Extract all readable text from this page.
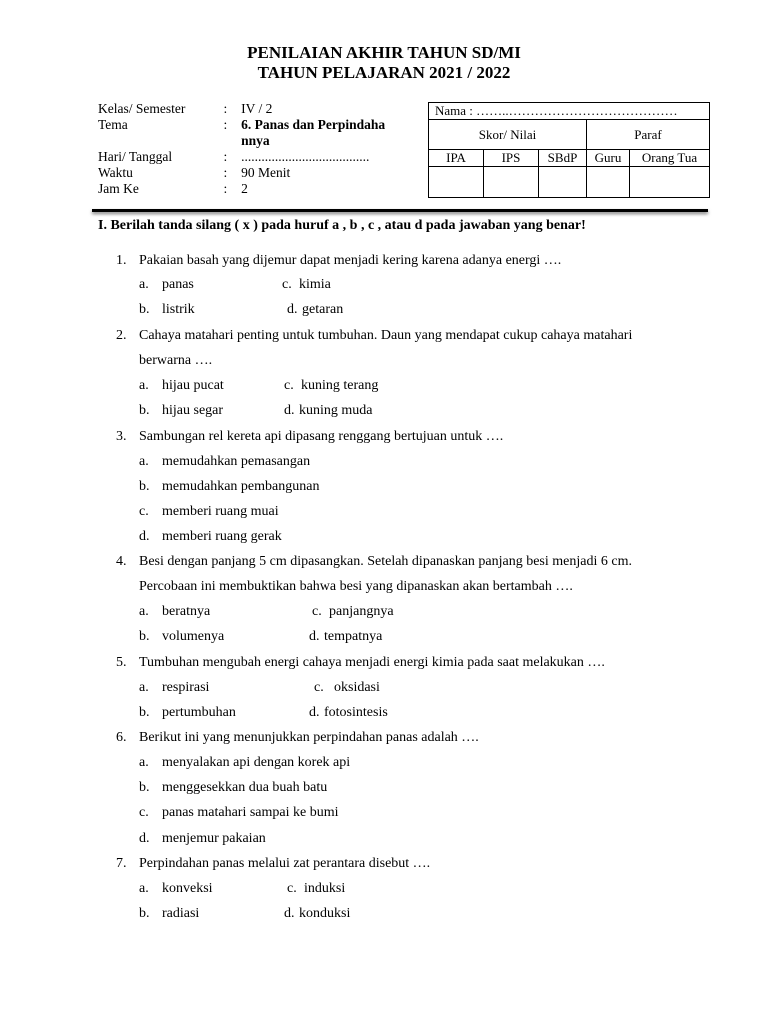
PENILAIAN AKHIR TAHUN SD/MI
TAHUN PELAJARAN 2021 / 2022
Kelas/ Semester	:	IV / 2
Tema	:	6. Panas dan Perpindaha nnya
Hari/ Tanggal	:	......................................
Waktu	:	90 Menit
Jam Ke	:	2
Nama : ……..…………………………………				
Skor/ Nilai			Paraf	
IPA	IPS	SBdP	Guru	Orang Tua

I. Berilah tanda silang ( x ) pada huruf a , b , c , atau d pada jawaban yang benar!
1. Pakaian basah yang dijemur dapat menjadi kering karena adanya energi ….
a. panas	c. kimia
b. listrik	d. getaran
2. Cahaya matahari penting untuk tumbuhan. Daun yang mendapat cukup cahaya matahari berwarna ….
a. hijau pucat	c. kuning terang
b. hijau segar	d. kuning muda
3. Sambungan rel kereta api dipasang renggang bertujuan untuk ….
a. memudahkan pemasangan
b. memudahkan pembangunan
c. memberi ruang muai
d. memberi ruang gerak
4. Besi dengan panjang 5 cm dipasangkan. Setelah dipanaskan panjang besi menjadi 6 cm. Percobaan ini membuktikan bahwa besi yang dipanaskan akan bertambah ….
a. beratnya	c. panjangnya
b. volumenya	d. tempatnya
5. Tumbuhan mengubah energi cahaya menjadi energi kimia pada saat melakukan ….
a. respirasi	c. oksidasi
b. pertumbuhan	d. fotosintesis
6. Berikut ini yang menunjukkan perpindahan panas adalah ….
a. menyalakan api dengan korek api
b. menggesekkan dua buah batu
c. panas matahari sampai ke bumi
d. menjemur pakaian
7. Perpindahan panas melalui zat perantara disebut ….
a. konveksi	c. induksi
b. radiasi	d. konduksi
